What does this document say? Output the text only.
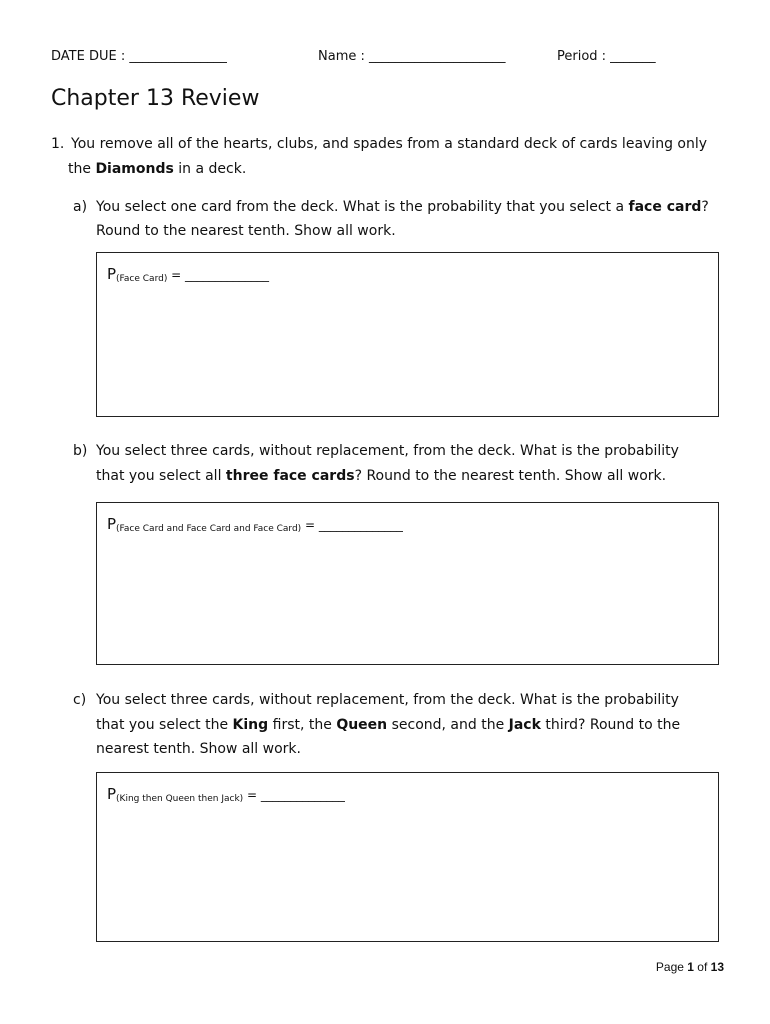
DATE DUE : _______________	Name : _____________________	Period : _______
Chapter 13 Review
1. You remove all of the hearts, clubs, and spades from a standard deck of cards leaving only
the Diamonds in a deck.
a) You select one card from the deck. What is the probability that you select a face card?
Round to the nearest tenth. Show all work.
$P_{(Face Card)}$ = ______________
b) You select three cards, without replacement, from the deck. What is the probability
that you select all three face cards? Round to the nearest tenth. Show all work.
$P_{(Face Card and Face Card and Face Card)}$ = ______________
c) You select three cards, without replacement, from the deck. What is the probability
that you select the King first, the Queen second, and the Jack third? Round to the
nearest tenth. Show all work.
$P_{(King then Queen then Jack)}$ = ______________
Page 1 of 13
